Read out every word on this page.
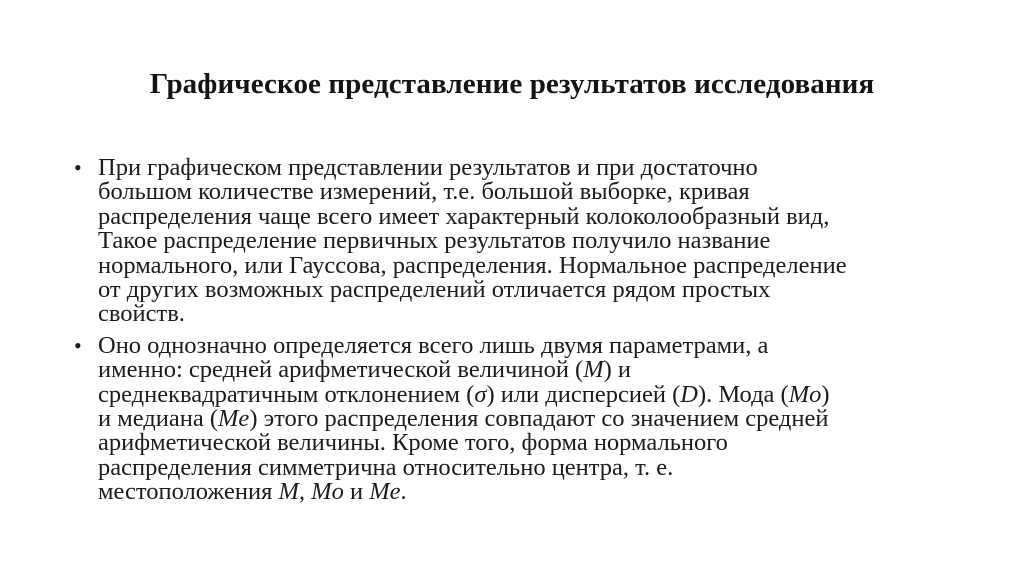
Графическое представление результатов исследования
• При графическом представлении результатов и при достаточно
большом количестве измерений, т.е. большой выборке, кривая
распределения чаще всего имеет характерный колоколообразный вид,
Такое распределение первичных результатов получило название
нормального, или Гауссова, распределения. Нормальное распределение
от других возможных распределений отличается рядом простых
свойств.
• Оно однозначно определяется всего лишь двумя параметрами, а
именно: средней арифметической величиной (M) и
среднеквадратичным отклонением (σ) или дисперсией (D). Мода (Mo)
и медиана (Me) этого распределения совпадают со значением средней
арифметической величины. Кроме того, форма нормального
распределения симметрична относительно центра, т. е.
местоположения M, Mo и Me.
